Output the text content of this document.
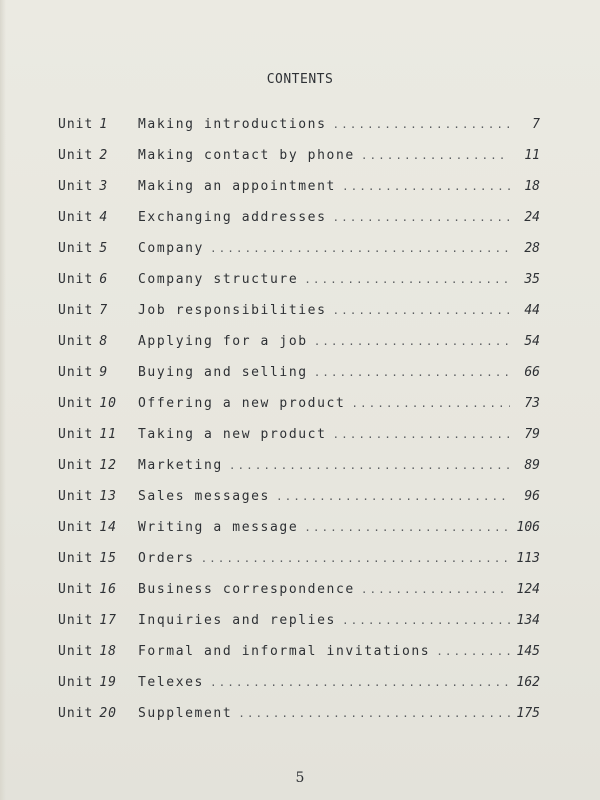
CONTENTS
Unit 1	Making introductions .....	7
Unit 2	Making contact by phone .....	11
Unit 3	Making an appointment .....	18
Unit 4	Exchanging addresses .....	24
Unit 5	Company .....	28
Unit 6	Company structure .....	35
Unit 7	Job responsibilities .....	44
Unit 8	Applying for a job .....	54
Unit 9	Buying and selling .....	66
Unit 10	Offering a new product .....	73
Unit 11	Taking a new product .....	79
Unit 12	Marketing .....	89
Unit 13	Sales messages .....	96
Unit 14	Writing a message .....	106
Unit 15	Orders .....	113
Unit 16	Business correspondence .....	124
Unit 17	Inquiries and replies .....	134
Unit 18	Formal and informal invitations .....	145
Unit 19	Telexes .....	162
Unit 20	Supplement .....	175
5
